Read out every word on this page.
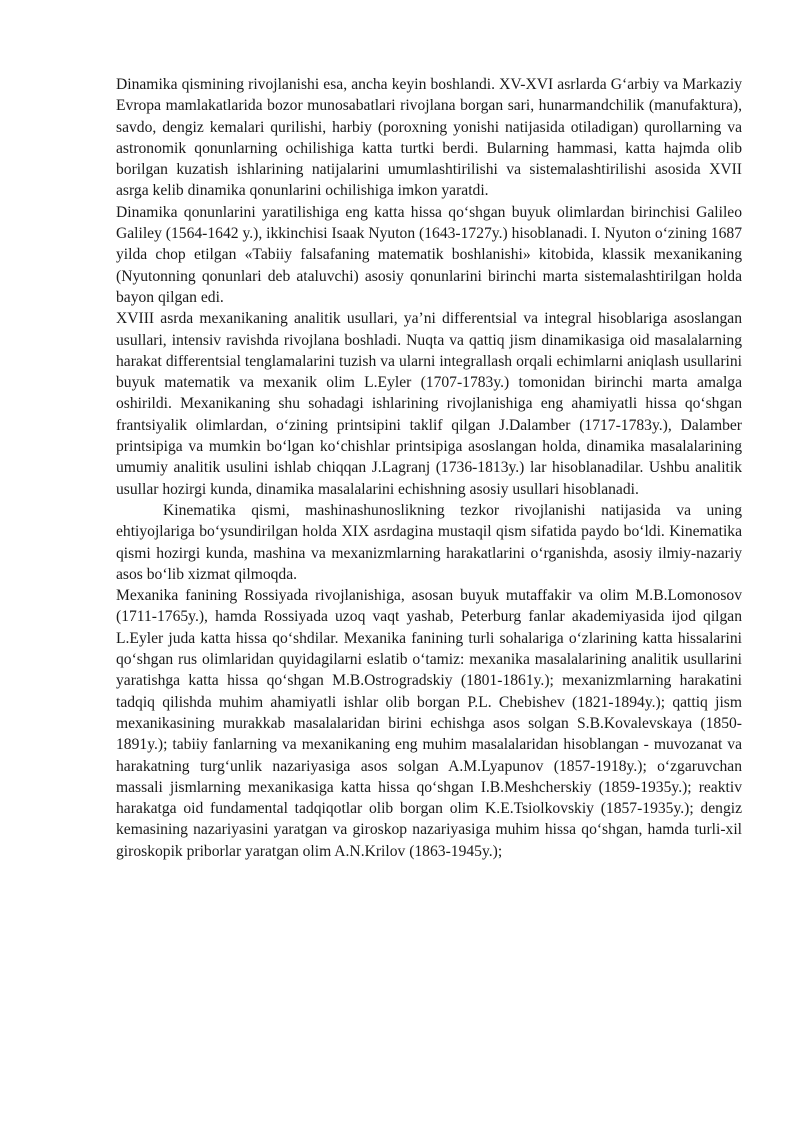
Dinamika qismining rivojlanishi esa, ancha keyin boshlandi. XV-XVI asrlarda G‘arbiy va Markaziy Evropa mamlakatlarida bozor munosabatlari rivojlana borgan sari, hunarmandchilik (manufaktura), savdo, dengiz kemalari qurilishi, harbiy (poroxning yonishi natijasida otiladigan) qurollarning va astronomik qonunlarning ochilishiga katta turtki berdi. Bularning hammasi, katta hajmda olib borilgan kuzatish ishlarining natijalarini umumlashtirilishi va sistemalashtirilishi asosida XVII asrga kelib dinamika qonunlarini ochilishiga imkon yaratdi.

Dinamika qonunlarini yaratilishiga eng katta hissa qo‘shgan buyuk olimlardan birinchisi Galileo Galiley (1564-1642 y.), ikkinchisi Isaak Nyuton (1643-1727y.) hisoblanadi. I. Nyuton o‘zining 1687 yilda chop etilgan «Tabiiy falsafaning matematik boshlanishi» kitobida, klassik mexanikaning (Nyutonning qonunlari deb ataluvchi) asosiy qonunlarini birinchi marta sistemalashtirilgan holda bayon qilgan edi.

XVIII asrda mexanikaning analitik usullari, ya’ni differentsial va integral hisoblariga asoslangan usullari, intensiv ravishda rivojlana boshladi. Nuqta va qattiq jism dinamikasiga oid masalalarning harakat differentsial tenglamalarini tuzish va ularni integrallash orqali echimlarni aniqlash usullarini buyuk matematik va mexanik olim L.Eyler (1707-1783y.) tomonidan birinchi marta amalga oshirildi. Mexanikaning shu sohadagi ishlarining rivojlanishiga eng ahamiyatli hissa qo‘shgan frantsiyalik olimlardan, o‘zining printsipini taklif qilgan J.Dalamber (1717-1783y.), Dalamber printsipiga va mumkin bo‘lgan ko‘chishlar printsipiga asoslangan holda, dinamika masalalarining umumiy analitik usulini ishlab chiqqan J.Lagranj (1736-1813y.) lar hisoblanadilar. Ushbu analitik usullar hozirgi kunda, dinamika masalalarini echishning asosiy usullari hisoblanadi.

Kinematika qismi, mashinashunoslikning tezkor rivojlanishi natijasida va uning ehtiyojlariga bo‘ysundirilgan holda XIX asrdagina mustaqil qism sifatida paydo bo‘ldi. Kinematika qismi hozirgi kunda, mashina va mexanizmlarning harakatlarini o‘rganishda, asosiy ilmiy-nazariy asos bo‘lib xizmat qilmoqda.

Mexanika fanining Rossiyada rivojlanishiga, asosan buyuk mutaffakir va olim M.B.Lomonosov (1711-1765y.), hamda Rossiyada uzoq vaqt yashab, Peterburg fanlar akademiyasida ijod qilgan L.Eyler juda katta hissa qo‘shdilar. Mexanika fanining turli sohalariga o‘zlarining katta hissalarini qo‘shgan rus olimlaridan quyidagilarni eslatib o‘tamiz: mexanika masalalarining analitik usullarini yaratishga katta hissa qo‘shgan M.B.Ostrogradskiy (1801-1861y.); mexanizmlarning harakatini tadqiq qilishda muhim ahamiyatli ishlar olib borgan P.L. Chebishev (1821-1894y.); qattiq jism mexanikasining murakkab masalalaridan birini echishga asos solgan S.B.Kovalevskaya (1850-1891y.); tabiiy fanlarning va mexanikaning eng muhim masalalaridan hisoblangan - muvozanat va harakatning turg‘unlik nazariyasiga asos solgan A.M.Lyapunov (1857-1918y.); o‘zgaruvchan massali jismlarning mexanikasiga katta hissa qo‘shgan I.B.Meshcherskiy (1859-1935y.); reaktiv harakatga oid fundamental tadqiqotlar olib borgan olim K.E.Tsiolkovskiy (1857-1935y.); dengiz kemasining nazariyasini yaratgan va giroskop nazariyasiga muhim hissa qo‘shgan, hamda turli-xil giroskopik priborlar yaratgan olim A.N.Krilov (1863-1945y.);
